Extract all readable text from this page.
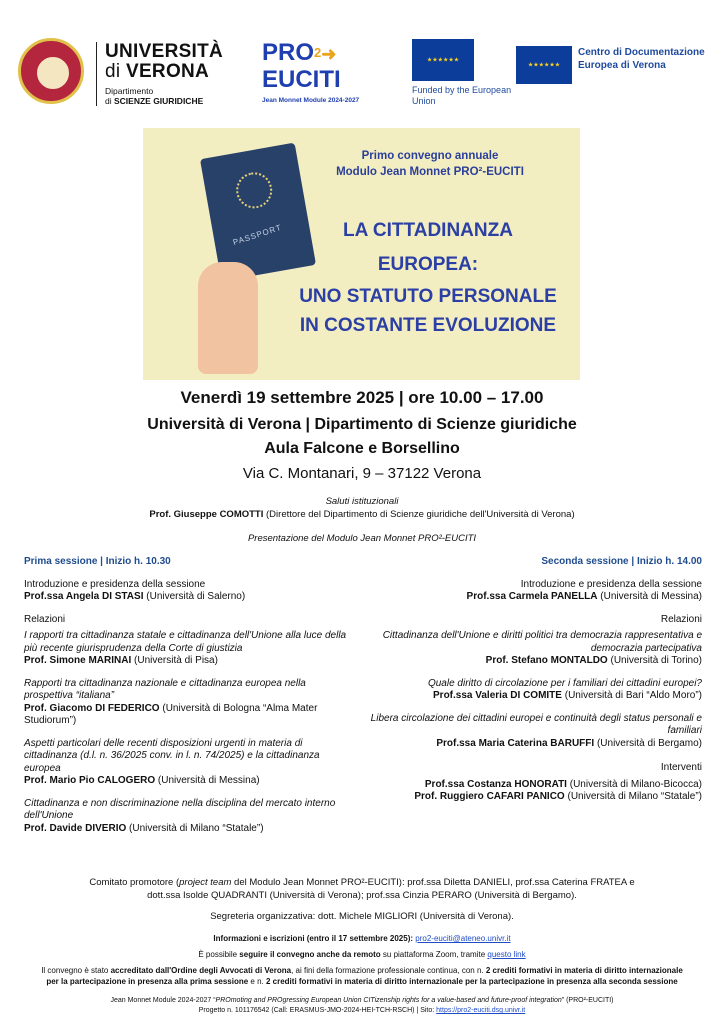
UNIVERSITÀ
di VERONA
Dipartimento
di SCIENZE GIURIDICHE
PRO$^2$➜
EUCITI
Jean Monnet Module 2024-2027
★★★★★★
Funded by the European Union
★★★★★★
Centro di Documentazione Europea di Verona
PASSPORT
Primo convegno annuale
Modulo Jean Monnet PRO²-EUCITI
LA CITTADINANZA
EUROPEA:
UNO STATUTO PERSONALE
IN COSTANTE EVOLUZIONE
Venerdì 19 settembre 2025 | ore 10.00 – 17.00
Università di Verona | Dipartimento di Scienze giuridiche
Aula Falcone e Borsellino
Via C. Montanari, 9 – 37122 Verona
Saluti istituzionali
Prof. Giuseppe COMOTTI (Direttore del Dipartimento di Scienze giuridiche dell'Università di Verona)
Presentazione del Modulo Jean Monnet PRO²-EUCITI
Prima sessione | Inizio h. 10.30
Introduzione e presidenza della sessione
Prof.ssa Angela DI STASI (Università di Salerno)
Relazioni
I rapporti tra cittadinanza statale e cittadinanza dell'Unione alla luce della più recente giurisprudenza della Corte di giustizia
Prof. Simone MARINAI (Università di Pisa)
Rapporti tra cittadinanza nazionale e cittadinanza europea nella prospettiva “italiana”
Prof. Giacomo DI FEDERICO (Università di Bologna “Alma Mater Studiorum”)
Aspetti particolari delle recenti disposizioni urgenti in materia di cittadinanza (d.l. n. 36/2025 conv. in l. n. 74/2025) e la cittadinanza europea
Prof. Mario Pio CALOGERO (Università di Messina)
Cittadinanza e non discriminazione nella disciplina del mercato interno dell'Unione
Prof. Davide DIVERIO (Università di Milano “Statale”)
Seconda sessione | Inizio h. 14.00
Introduzione e presidenza della sessione
Prof.ssa Carmela PANELLA (Università di Messina)
Relazioni
Cittadinanza dell'Unione e diritti politici tra democrazia rappresentativa e democrazia partecipativa
Prof. Stefano MONTALDO (Università di Torino)
Quale diritto di circolazione per i familiari dei cittadini europei?
Prof.ssa Valeria DI COMITE (Università di Bari “Aldo Moro”)
Libera circolazione dei cittadini europei e continuità degli status personali e familiari
Prof.ssa Maria Caterina BARUFFI (Università di Bergamo)
Interventi
Prof.ssa Costanza HONORATI (Università di Milano-Bicocca)
Prof. Ruggiero CAFARI PANICO (Università di Milano “Statale”)
Comitato promotore (project team del Modulo Jean Monnet PRO²-EUCITI): prof.ssa Diletta DANIELI, prof.ssa Caterina FRATEA e
dott.ssa Isolde QUADRANTI (Università di Verona); prof.ssa Cinzia PERARO (Università di Bergamo).
Segreteria organizzativa: dott. Michele MIGLIORI (Università di Verona).
Informazioni e iscrizioni (entro il 17 settembre 2025): pro2-euciti@ateneo.univr.it
È possibile seguire il convegno anche da remoto su piattaforma Zoom, tramite questo link
Il convegno è stato accreditato dall'Ordine degli Avvocati di Verona, ai fini della formazione professionale continua, con n. 2 crediti formativi in materia di diritto internazionale
per la partecipazione in presenza alla prima sessione e n. 2 crediti formativi in materia di diritto internazionale per la partecipazione in presenza alla seconda sessione
Jean Monnet Module 2024-2027 “PROmoting and PROgressing European Union CITizenship rights for a value-based and future-proof integration” (PRO²-EUCITI)
Progetto n. 101176542 (Call: ERASMUS-JMO-2024-HEI-TCH-RSCH) | Sito: https://pro2-euciti.dsg.univr.it
